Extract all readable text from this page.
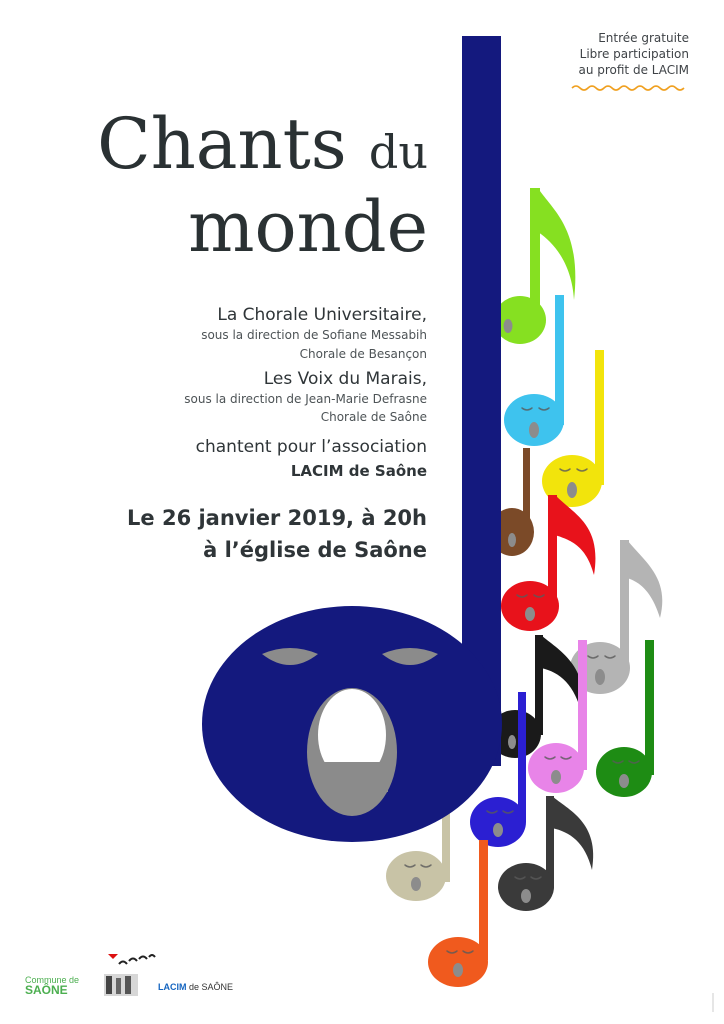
Entrée gratuite
Libre participation
au profit de LACIM
Chants du
monde
La Chorale Universitaire,
sous la direction de Sofiane Messabih
Chorale de Besançon
Les Voix du Marais,
sous la direction de Jean-Marie Defrasne
Chorale de Saône
chantent pour l’association
LACIM de Saône
Le 26 janvier 2019, à 20h
à l’église de Saône
Commune de
SAÔNE	LACIM de SAÔNE
